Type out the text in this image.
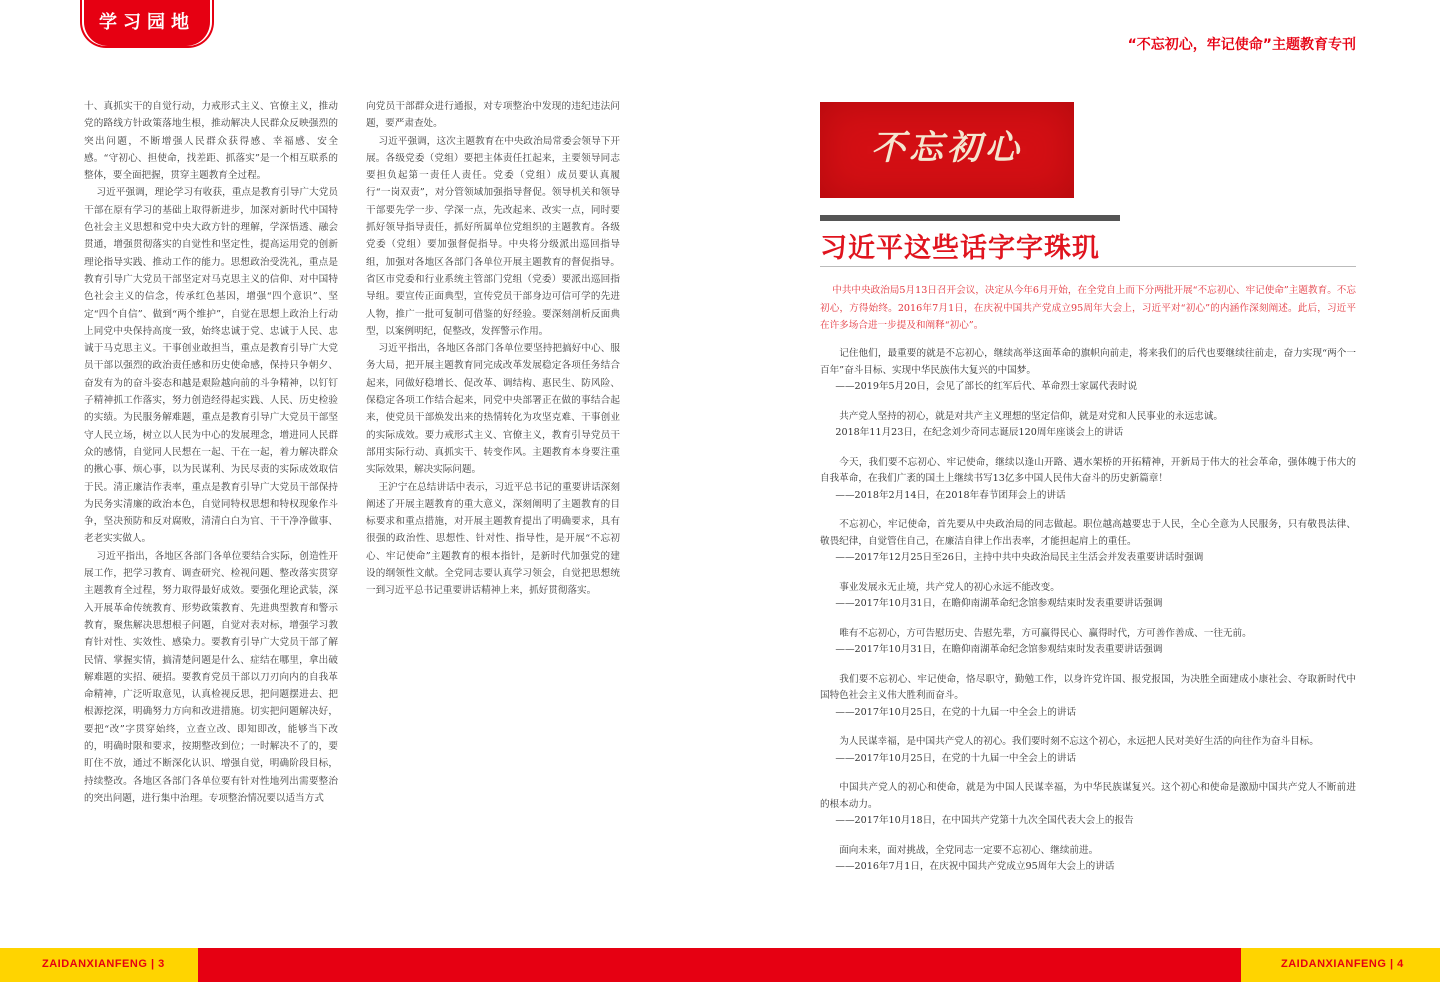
学习园地
“不忘初心，牢记使命”主题教育专刊
十、真抓实干的自觉行动，力戒形式主义、官僚主义，推动党的路线方针政策落地生根，推动解决人民群众反映强烈的突出问题，不断增强人民群众获得感、幸福感、安全感。“守初心、担使命，找差距、抓落实”是一个相互联系的整体，要全面把握，贯穿主题教育全过程。
习近平强调，理论学习有收获，重点是教育引导广大党员干部在原有学习的基础上取得新进步，加深对新时代中国特色社会主义思想和党中央大政方针的理解，学深悟透、融会贯通，增强贯彻落实的自觉性和坚定性，提高运用党的创新理论指导实践、推动工作的能力。思想政治受洗礼，重点是教育引导广大党员干部坚定对马克思主义的信仰、对中国特色社会主义的信念，传承红色基因，增强“四个意识”、坚定“四个自信”、做到“两个维护”，自觉在思想上政治上行动上同党中央保持高度一致，始终忠诚于党、忠诚于人民、忠诚于马克思主义。干事创业敢担当，重点是教育引导广大党员干部以强烈的政治责任感和历史使命感，保持只争朝夕、奋发有为的奋斗姿态和越是艰险越向前的斗争精神，以钉钉子精神抓工作落实，努力创造经得起实践、人民、历史检验的实绩。为民服务解难题，重点是教育引导广大党员干部坚守人民立场，树立以人民为中心的发展理念，增进同人民群众的感情，自觉同人民想在一起、干在一起，着力解决群众的揪心事、烦心事，以为民谋利、为民尽责的实际成效取信于民。清正廉洁作表率，重点是教育引导广大党员干部保持为民务实清廉的政治本色，自觉同特权思想和特权现象作斗争，坚决预防和反对腐败，清清白白为官、干干净净做事、老老实实做人。
习近平指出，各地区各部门各单位要结合实际，创造性开展工作，把学习教育、调查研究、检视问题、整改落实贯穿主题教育全过程，努力取得最好成效。要强化理论武装，深入开展革命传统教育、形势政策教育、先进典型教育和警示教育，聚焦解决思想根子问题，自觉对表对标，增强学习教育针对性、实效性、感染力。要教育引导广大党员干部了解民情、掌握实情，搞清楚问题是什么、症结在哪里，拿出破解难题的实招、硬招。要教育党员干部以刀刃向内的自我革命精神，广泛听取意见，认真检视反思，把问题摆进去、把根源挖深，明确努力方向和改进措施。切实把问题解决好，要把“改”字贯穿始终，立查立改、即知即改，能够当下改的，明确时限和要求，按期整改到位；一时解决不了的，要盯住不放，通过不断深化认识、增强自觉，明确阶段目标，持续整改。各地区各部门各单位要有针对性地列出需要整治的突出问题，进行集中治理。专项整治情况要以适当方式
向党员干部群众进行通报，对专项整治中发现的违纪违法问题，要严肃查处。
习近平强调，这次主题教育在中央政治局常委会领导下开展。各级党委（党组）要把主体责任扛起来，主要领导同志要担负起第一责任人责任。党委（党组）成员要认真履行“一岗双责”，对分管领域加强指导督促。领导机关和领导干部要先学一步、学深一点，先改起来、改实一点，同时要抓好领导指导责任，抓好所属单位党组织的主题教育。各级党委（党组）要加强督促指导。中央将分级派出巡回指导组，加强对各地区各部门各单位开展主题教育的督促指导。省区市党委和行业系统主管部门党组（党委）要派出巡回指导组。要宣传正面典型，宣传党员干部身边可信可学的先进人物，推广一批可复制可借鉴的好经验。要深刻剖析反面典型，以案例明纪，促整改，发挥警示作用。
习近平指出，各地区各部门各单位要坚持把搞好中心、服务大局，把开展主题教育同完成改革发展稳定各项任务结合起来，同做好稳增长、促改革、调结构、惠民生、防风险、保稳定各项工作结合起来，同党中央部署正在做的事结合起来，使党员干部焕发出来的热情转化为攻坚克难、干事创业的实际成效。要力戒形式主义、官僚主义，教育引导党员干部用实际行动、真抓实干、转变作风。主题教育本身要注重实际效果，解决实际问题。
王沪宁在总结讲话中表示，习近平总书记的重要讲话深刻阐述了开展主题教育的重大意义，深刻阐明了主题教育的目标要求和重点措施，对开展主题教育提出了明确要求，具有很强的政治性、思想性、针对性、指导性，是开展“不忘初心、牢记使命”主题教育的根本指针，是新时代加强党的建设的纲领性文献。全党同志要认真学习领会，自觉把思想统一到习近平总书记重要讲话精神上来，抓好贯彻落实。
不忘初心
习近平这些话字字珠玑
中共中央政治局5月13日召开会议，决定从今年6月开始，在全党自上而下分两批开展“不忘初心、牢记使命”主题教育。不忘初心，方得始终。2016年7月1日，在庆祝中国共产党成立95周年大会上，习近平对“初心”的内涵作深刻阐述。此后，习近平在许多场合进一步提及和阐释“初心”。
记住他们，最重要的就是不忘初心，继续高举这面革命的旗帜向前走，将来我们的后代也要继续往前走，奋力实现“两个一百年”奋斗目标、实现中华民族伟大复兴的中国梦。
——2019年5月20日，会见了部长的红军后代、革命烈士家属代表时说
共产党人坚持的初心，就是对共产主义理想的坚定信仰，就是对党和人民事业的永远忠诚。
2018年11月23日，在纪念刘少奇同志诞辰120周年座谈会上的讲话
今天，我们要不忘初心、牢记使命，继续以逢山开路、遇水架桥的开拓精神，开新局于伟大的社会革命，强体魄于伟大的自我革命，在我们广袤的国土上继续书写13亿多中国人民伟大奋斗的历史新篇章！
——2018年2月14日，在2018年春节团拜会上的讲话
不忘初心，牢记使命，首先要从中央政治局的同志做起。职位越高越要忠于人民，全心全意为人民服务，只有敬畏法律、敬畏纪律，自觉管住自己，在廉洁自律上作出表率，才能担起肩上的重任。
——2017年12月25日至26日，主持中共中央政治局民主生活会并发表重要讲话时强调
事业发展永无止境，共产党人的初心永远不能改变。
——2017年10月31日，在瞻仰南湖革命纪念馆参观结束时发表重要讲话强调
唯有不忘初心，方可告慰历史、告慰先辈，方可赢得民心、赢得时代，方可善作善成、一往无前。
——2017年10月31日，在瞻仰南湖革命纪念馆参观结束时发表重要讲话强调
我们要不忘初心、牢记使命，恪尽职守，勤勉工作，以身许党许国、报党报国，为决胜全面建成小康社会、夺取新时代中国特色社会主义伟大胜利而奋斗。
——2017年10月25日，在党的十九届一中全会上的讲话
为人民谋幸福，是中国共产党人的初心。我们要时刻不忘这个初心，永远把人民对美好生活的向往作为奋斗目标。
——2017年10月25日，在党的十九届一中全会上的讲话
中国共产党人的初心和使命，就是为中国人民谋幸福，为中华民族谋复兴。这个初心和使命是激励中国共产党人不断前进的根本动力。
——2017年10月18日，在中国共产党第十九次全国代表大会上的报告
面向未来，面对挑战，全党同志一定要不忘初心、继续前进。
——2016年7月1日，在庆祝中国共产党成立95周年大会上的讲话
ZAIDANXIANFENG | 3	ZAIDANXIANFENG | 4
